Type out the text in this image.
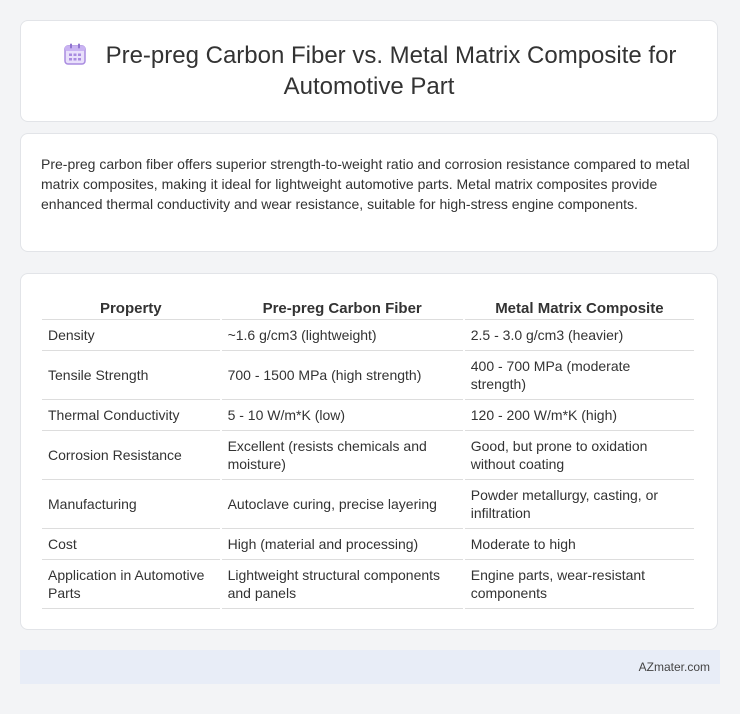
Pre-preg Carbon Fiber vs. Metal Matrix Composite for Automotive Part

Pre-preg carbon fiber offers superior strength-to-weight ratio and corrosion resistance compared to metal matrix composites, making it ideal for lightweight automotive parts. Metal matrix composites provide enhanced thermal conductivity and wear resistance, suitable for high-stress engine components.

Property	Pre-preg Carbon Fiber	Metal Matrix Composite
Density	~1.6 g/cm3 (lightweight)	2.5 - 3.0 g/cm3 (heavier)
Tensile Strength	700 - 1500 MPa (high strength)	400 - 700 MPa (moderate strength)
Thermal Conductivity	5 - 10 W/m*K (low)	120 - 200 W/m*K (high)
Corrosion Resistance	Excellent (resists chemicals and moisture)	Good, but prone to oxidation without coating
Manufacturing	Autoclave curing, precise layering	Powder metallurgy, casting, or infiltration
Cost	High (material and processing)	Moderate to high
Application in Automotive Parts	Lightweight structural components and panels	Engine parts, wear-resistant components
AZmater.com
